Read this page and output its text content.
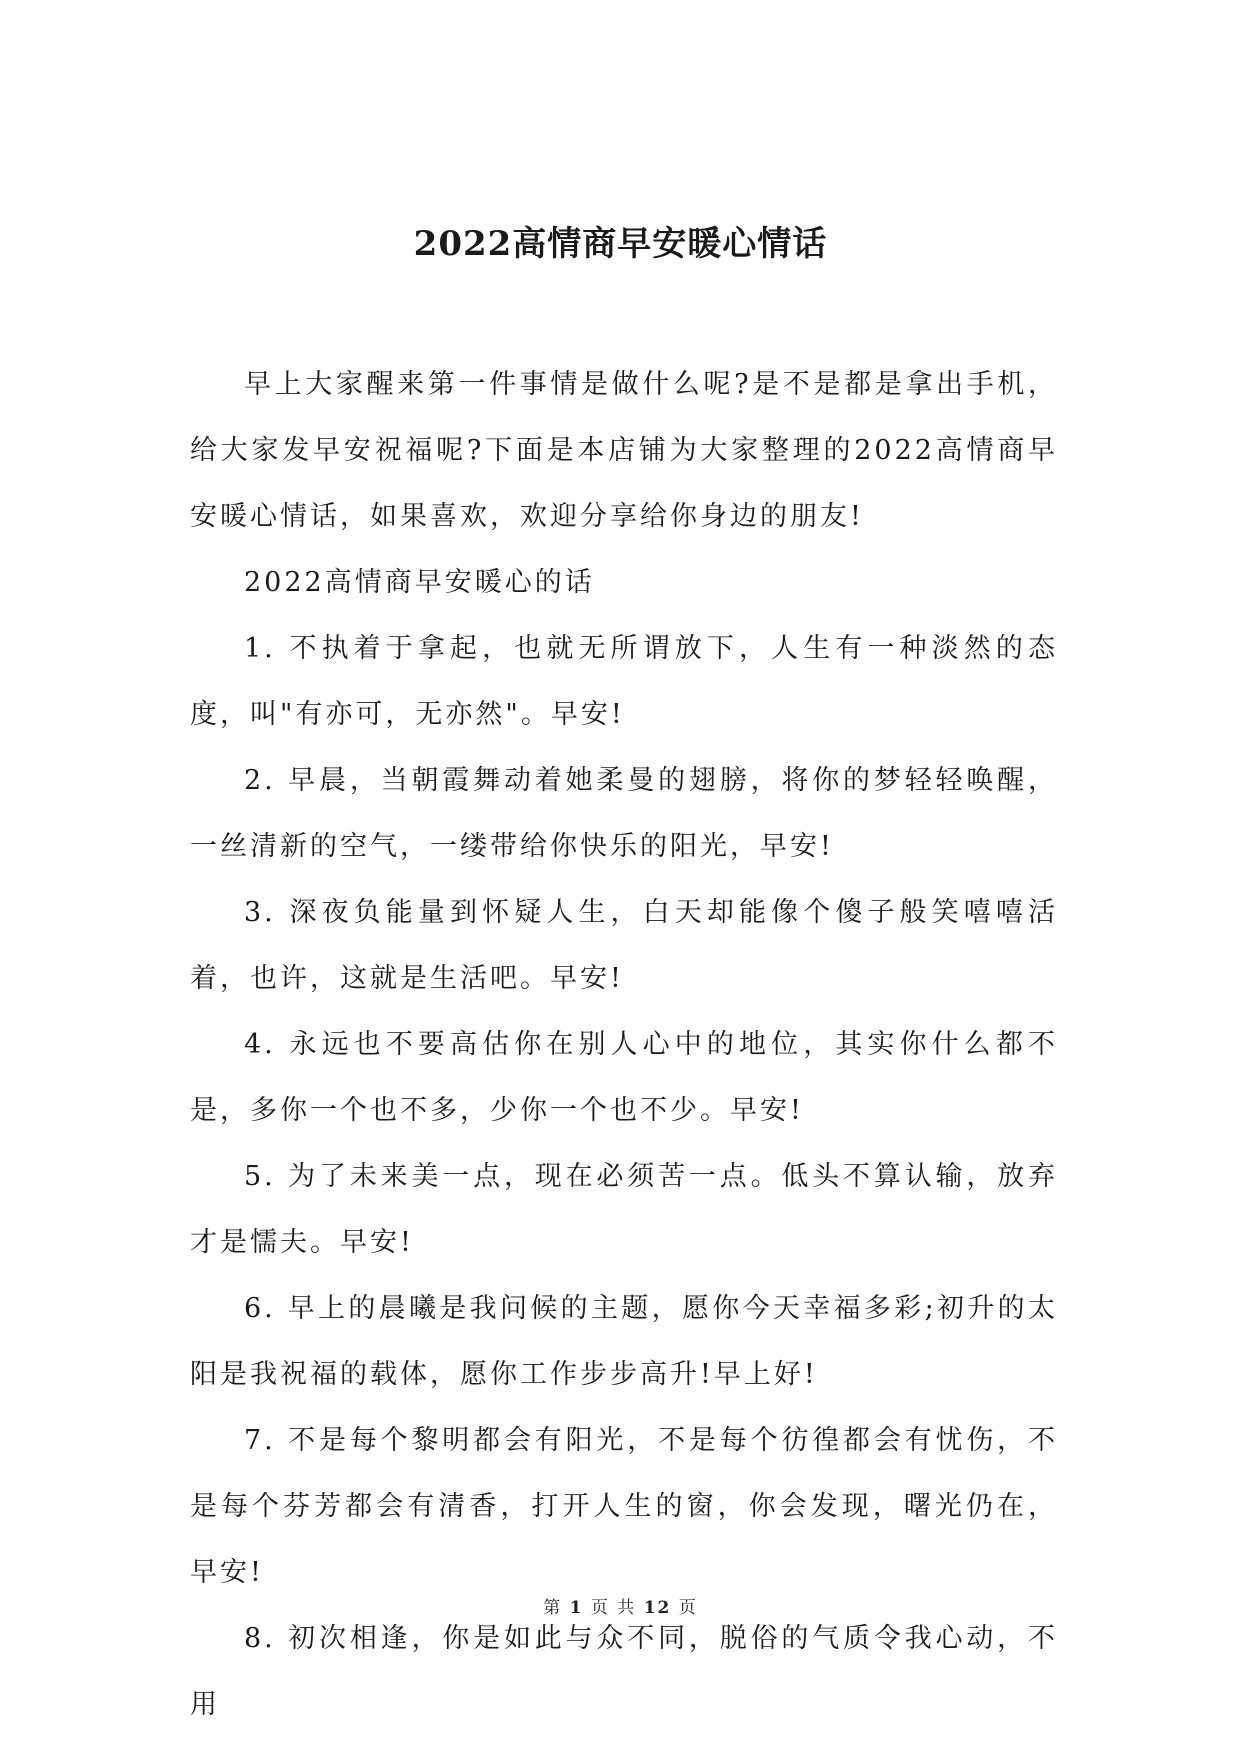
2022高情商早安暖心情话

早上大家醒来第一件事情是做什么呢?是不是都是拿出手机，给大家发早安祝福呢?下面是本店铺为大家整理的2022高情商早安暖心情话，如果喜欢，欢迎分享给你身边的朋友!

2022高情商早安暖心的话

1. 不执着于拿起，也就无所谓放下，人生有一种淡然的态度，叫"有亦可，无亦然"。早安!

2. 早晨，当朝霞舞动着她柔曼的翅膀，将你的梦轻轻唤醒，一丝清新的空气，一缕带给你快乐的阳光，早安!

3. 深夜负能量到怀疑人生，白天却能像个傻子般笑嘻嘻活着，也许，这就是生活吧。早安!

4. 永远也不要高估你在别人心中的地位，其实你什么都不是，多你一个也不多，少你一个也不少。早安!

5. 为了未来美一点，现在必须苦一点。低头不算认输，放弃才是懦夫。早安!

6. 早上的晨曦是我问候的主题，愿你今天幸福多彩;初升的太阳是我祝福的载体，愿你工作步步高升!早上好!

7. 不是每个黎明都会有阳光，不是每个彷徨都会有忧伤，不是每个芬芳都会有清香，打开人生的窗，你会发现，曙光仍在，早安!

8. 初次相逢，你是如此与众不同，脱俗的气质令我心动，不用

第 1 页 共 12 页
